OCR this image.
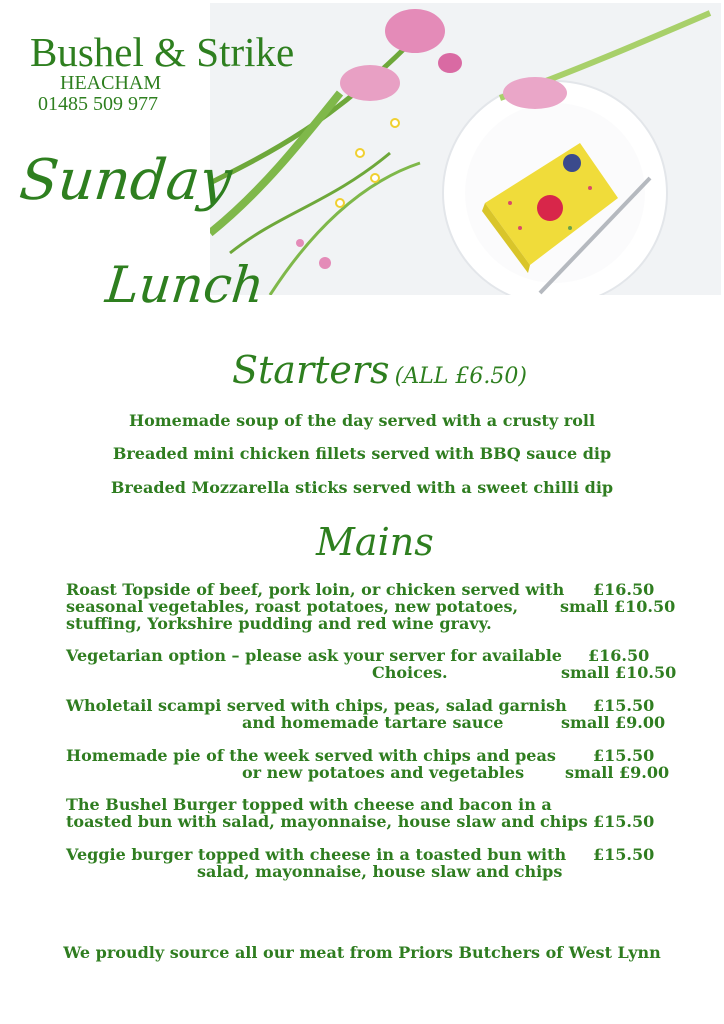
Bushel & Strike
HEACHAM
01485 509 977
Sunday
Lunch
Starters (ALL £6.50)
Homemade soup of the day served with a crusty roll
Breaded mini chicken fillets served with BBQ sauce dip
Breaded Mozzarella sticks served with a sweet chilli dip
Mains
Roast Topside of beef, pork loin, or chicken served with
seasonal vegetables, roast potatoes, new potatoes,
stuffing, Yorkshire pudding and red wine gravy.
£16.50
small £10.50
Vegetarian option – please ask your server for available
Choices.
£16.50
small £10.50
Wholetail scampi served with chips, peas, salad garnish
and homemade tartare sauce
£15.50
small £9.00
Homemade pie of the week served with chips and peas
or new potatoes and vegetables
£15.50
small £9.00
The Bushel Burger topped with cheese and bacon in a
toasted bun with salad, mayonnaise, house slaw and chips £15.50
Veggie burger topped with cheese in a toasted bun with
salad, mayonnaise, house slaw and chips
£15.50
We proudly source all our meat from Priors Butchers of West Lynn
